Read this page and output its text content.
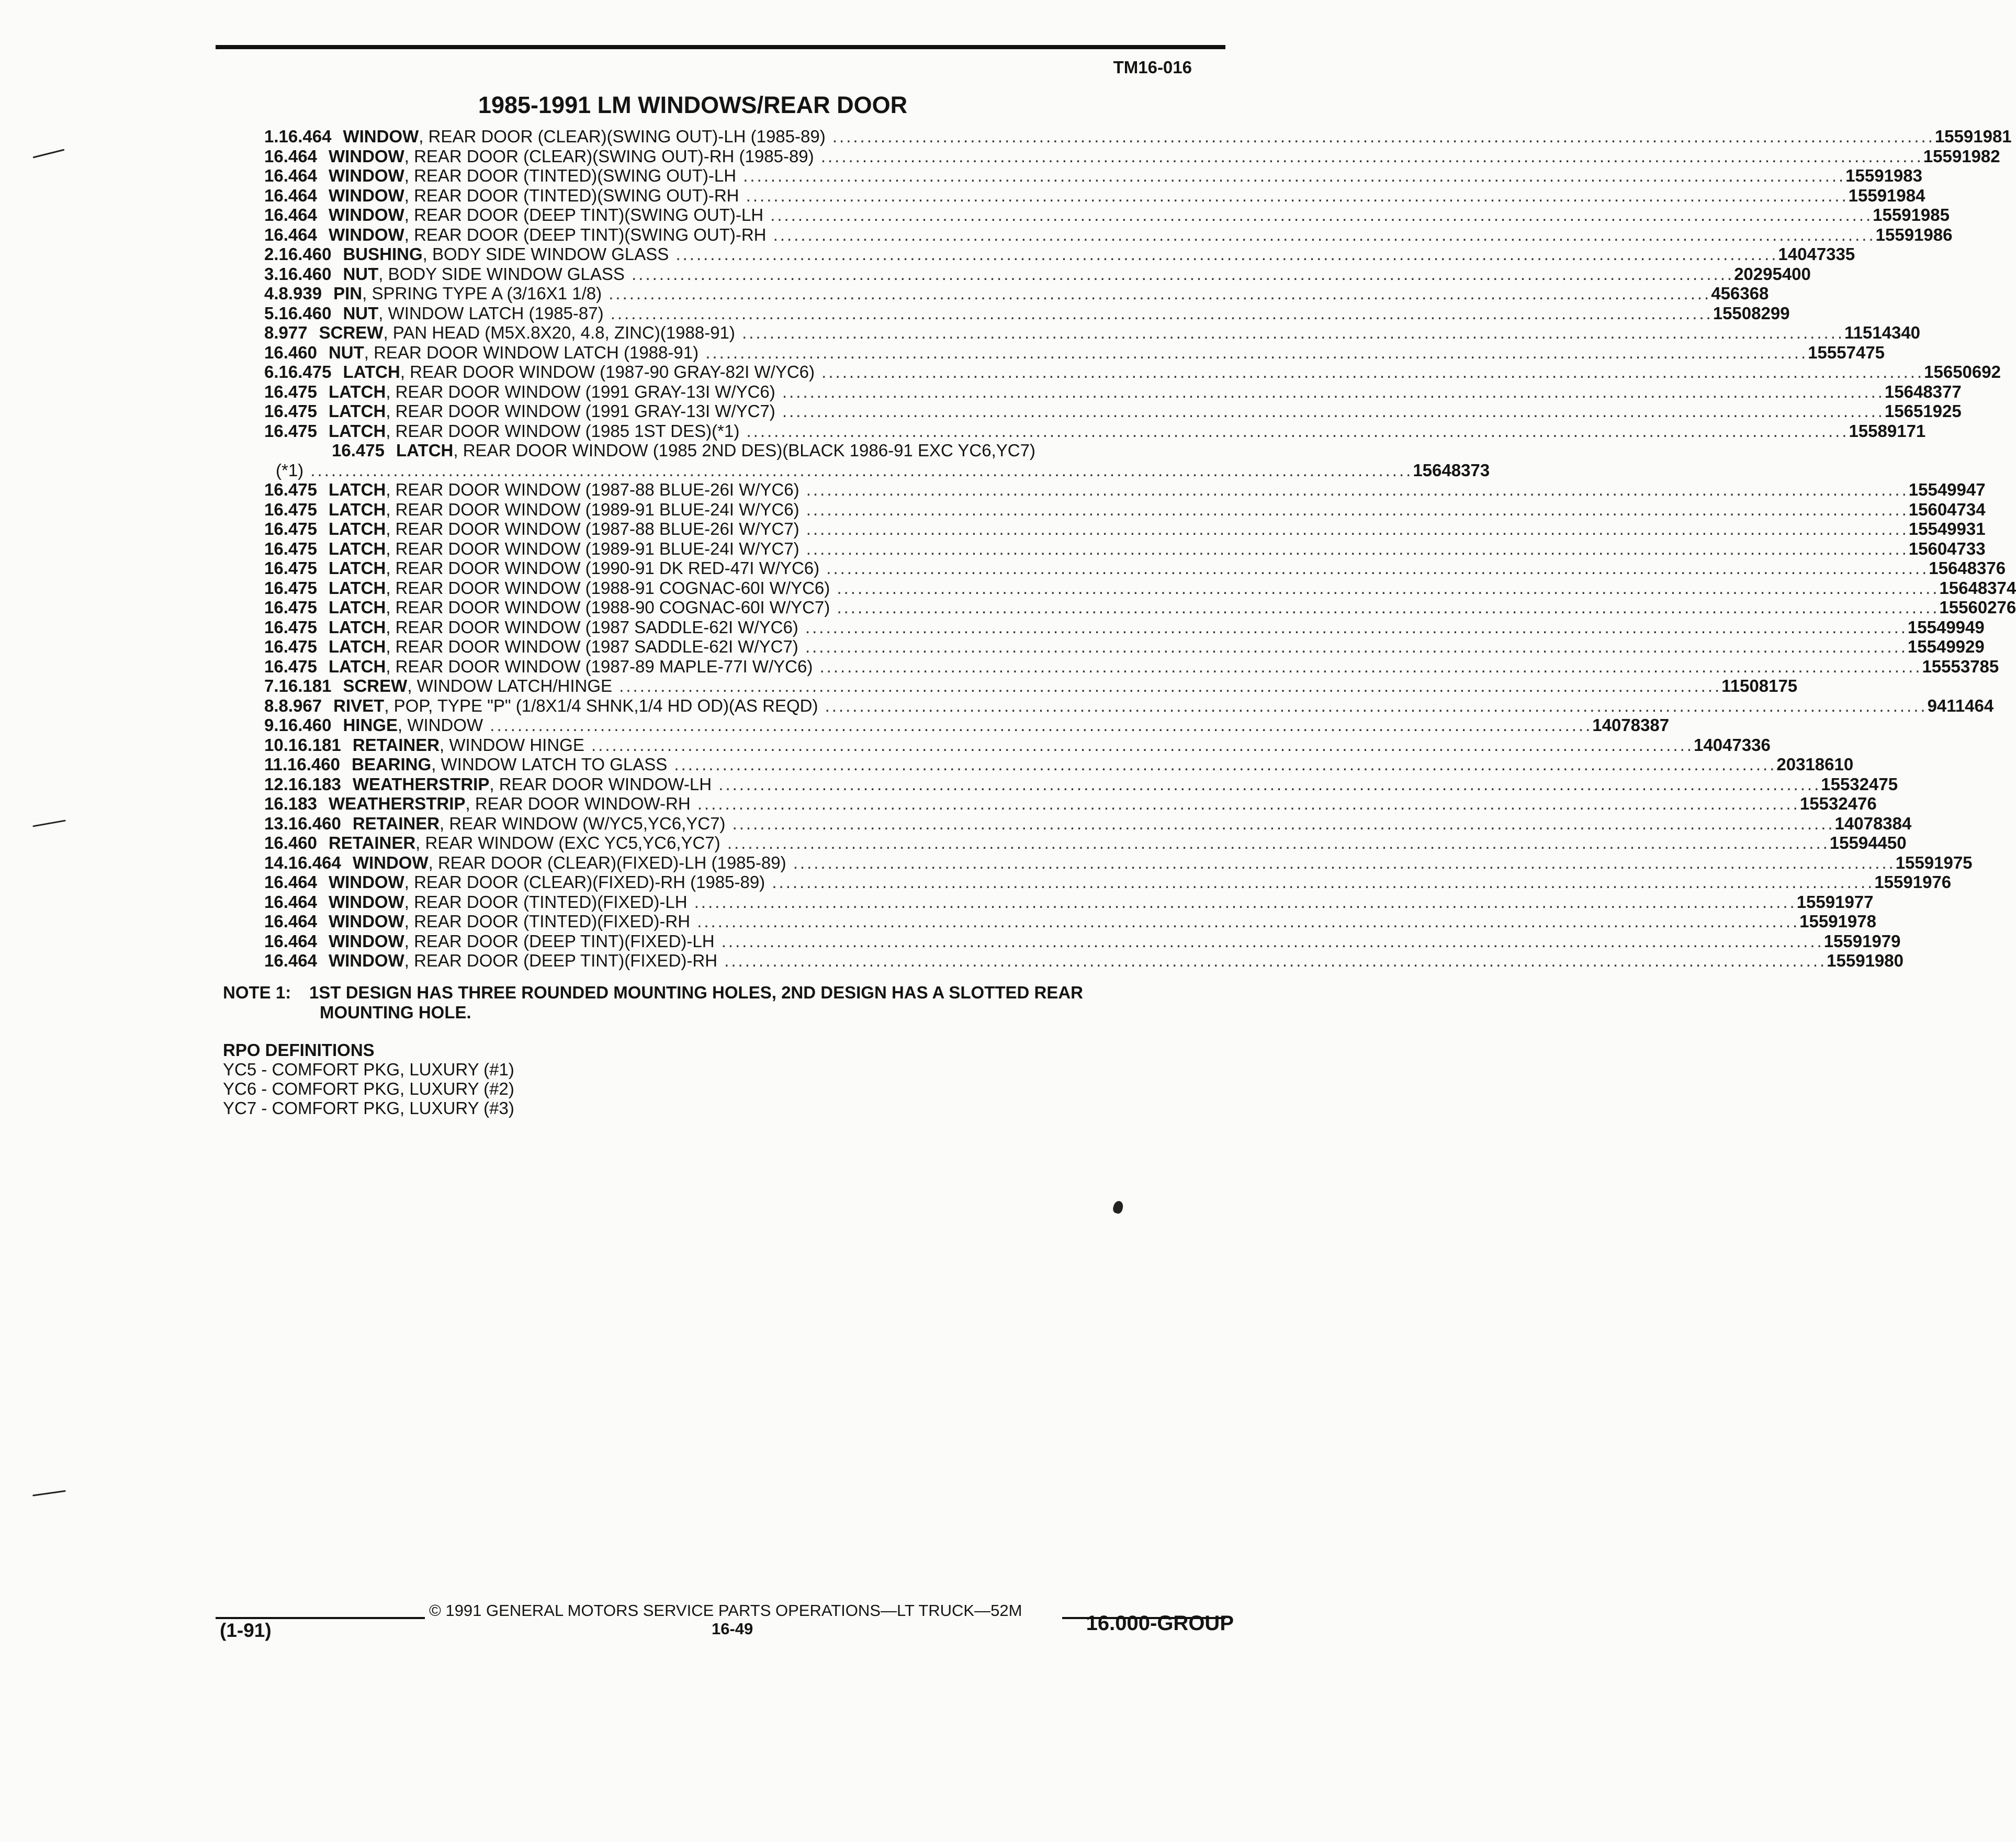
TM16-016
1985-1991 LM WINDOWS/REAR DOOR
1. 16.464 WINDOW, REAR DOOR (CLEAR)(SWING OUT)-LH (1985-89) ................................................................................................................................................................ 15591981
16.464 WINDOW, REAR DOOR (CLEAR)(SWING OUT)-RH (1985-89) ................................................................................................................................................................ 15591982
16.464 WINDOW, REAR DOOR (TINTED)(SWING OUT)-LH ................................................................................................................................................................ 15591983
16.464 WINDOW, REAR DOOR (TINTED)(SWING OUT)-RH ................................................................................................................................................................ 15591984
16.464 WINDOW, REAR DOOR (DEEP TINT)(SWING OUT)-LH ................................................................................................................................................................ 15591985
16.464 WINDOW, REAR DOOR (DEEP TINT)(SWING OUT)-RH ................................................................................................................................................................ 15591986
2. 16.460 BUSHING, BODY SIDE WINDOW GLASS ................................................................................................................................................................ 14047335
3. 16.460 NUT, BODY SIDE WINDOW GLASS ................................................................................................................................................................ 20295400
4. 8.939 PIN, SPRING TYPE A (3/16X1 1/8) ................................................................................................................................................................ 456368
5. 16.460 NUT, WINDOW LATCH (1985-87) ................................................................................................................................................................ 15508299
8.977 SCREW, PAN HEAD (M5X.8X20, 4.8, ZINC)(1988-91) ................................................................................................................................................................ 11514340
16.460 NUT, REAR DOOR WINDOW LATCH (1988-91) ................................................................................................................................................................ 15557475
6. 16.475 LATCH, REAR DOOR WINDOW (1987-90 GRAY-82I W/YC6) ................................................................................................................................................................ 15650692
16.475 LATCH, REAR DOOR WINDOW (1991 GRAY-13I W/YC6) ................................................................................................................................................................ 15648377
16.475 LATCH, REAR DOOR WINDOW (1991 GRAY-13I W/YC7) ................................................................................................................................................................ 15651925
16.475 LATCH, REAR DOOR WINDOW (1985 1ST DES)(*1) ................................................................................................................................................................ 15589171
16.475 LATCH, REAR DOOR WINDOW (1985 2ND DES)(BLACK 1986-91 EXC YC6,YC7)
(*1) ................................................................................................................................................................ 15648373
16.475 LATCH, REAR DOOR WINDOW (1987-88 BLUE-26I W/YC6) ................................................................................................................................................................ 15549947
16.475 LATCH, REAR DOOR WINDOW (1989-91 BLUE-24I W/YC6) ................................................................................................................................................................ 15604734
16.475 LATCH, REAR DOOR WINDOW (1987-88 BLUE-26I W/YC7) ................................................................................................................................................................ 15549931
16.475 LATCH, REAR DOOR WINDOW (1989-91 BLUE-24I W/YC7) ................................................................................................................................................................ 15604733
16.475 LATCH, REAR DOOR WINDOW (1990-91 DK RED-47I W/YC6) ................................................................................................................................................................ 15648376
16.475 LATCH, REAR DOOR WINDOW (1988-91 COGNAC-60I W/YC6) ................................................................................................................................................................ 15648374
16.475 LATCH, REAR DOOR WINDOW (1988-90 COGNAC-60I W/YC7) ................................................................................................................................................................ 15560276
16.475 LATCH, REAR DOOR WINDOW (1987 SADDLE-62I W/YC6) ................................................................................................................................................................ 15549949
16.475 LATCH, REAR DOOR WINDOW (1987 SADDLE-62I W/YC7) ................................................................................................................................................................ 15549929
16.475 LATCH, REAR DOOR WINDOW (1987-89 MAPLE-77I W/YC6) ................................................................................................................................................................ 15553785
7. 16.181 SCREW, WINDOW LATCH/HINGE ................................................................................................................................................................ 11508175
8. 8.967 RIVET, POP, TYPE "P" (1/8X1/4 SHNK,1/4 HD OD)(AS REQD) ................................................................................................................................................................ 9411464
9. 16.460 HINGE, WINDOW ................................................................................................................................................................ 14078387
10. 16.181 RETAINER, WINDOW HINGE ................................................................................................................................................................ 14047336
11. 16.460 BEARING, WINDOW LATCH TO GLASS ................................................................................................................................................................ 20318610
12. 16.183 WEATHERSTRIP, REAR DOOR WINDOW-LH ................................................................................................................................................................ 15532475
16.183 WEATHERSTRIP, REAR DOOR WINDOW-RH ................................................................................................................................................................ 15532476
13. 16.460 RETAINER, REAR WINDOW (W/YC5,YC6,YC7) ................................................................................................................................................................ 14078384
16.460 RETAINER, REAR WINDOW (EXC YC5,YC6,YC7) ................................................................................................................................................................ 15594450
14. 16.464 WINDOW, REAR DOOR (CLEAR)(FIXED)-LH (1985-89) ................................................................................................................................................................ 15591975
16.464 WINDOW, REAR DOOR (CLEAR)(FIXED)-RH (1985-89) ................................................................................................................................................................ 15591976
16.464 WINDOW, REAR DOOR (TINTED)(FIXED)-LH ................................................................................................................................................................ 15591977
16.464 WINDOW, REAR DOOR (TINTED)(FIXED)-RH ................................................................................................................................................................ 15591978
16.464 WINDOW, REAR DOOR (DEEP TINT)(FIXED)-LH ................................................................................................................................................................ 15591979
16.464 WINDOW, REAR DOOR (DEEP TINT)(FIXED)-RH ................................................................................................................................................................ 15591980
NOTE 1: 1ST DESIGN HAS THREE ROUNDED MOUNTING HOLES, 2ND DESIGN HAS A SLOTTED REAR
MOUNTING HOLE.
RPO DEFINITIONS
YC5 - COMFORT PKG, LUXURY (#1)
YC6 - COMFORT PKG, LUXURY (#2)
YC7 - COMFORT PKG, LUXURY (#3)
© 1991 GENERAL MOTORS SERVICE PARTS OPERATIONS—LT TRUCK—52M
(1-91)	16-49	16.000-GROUP
